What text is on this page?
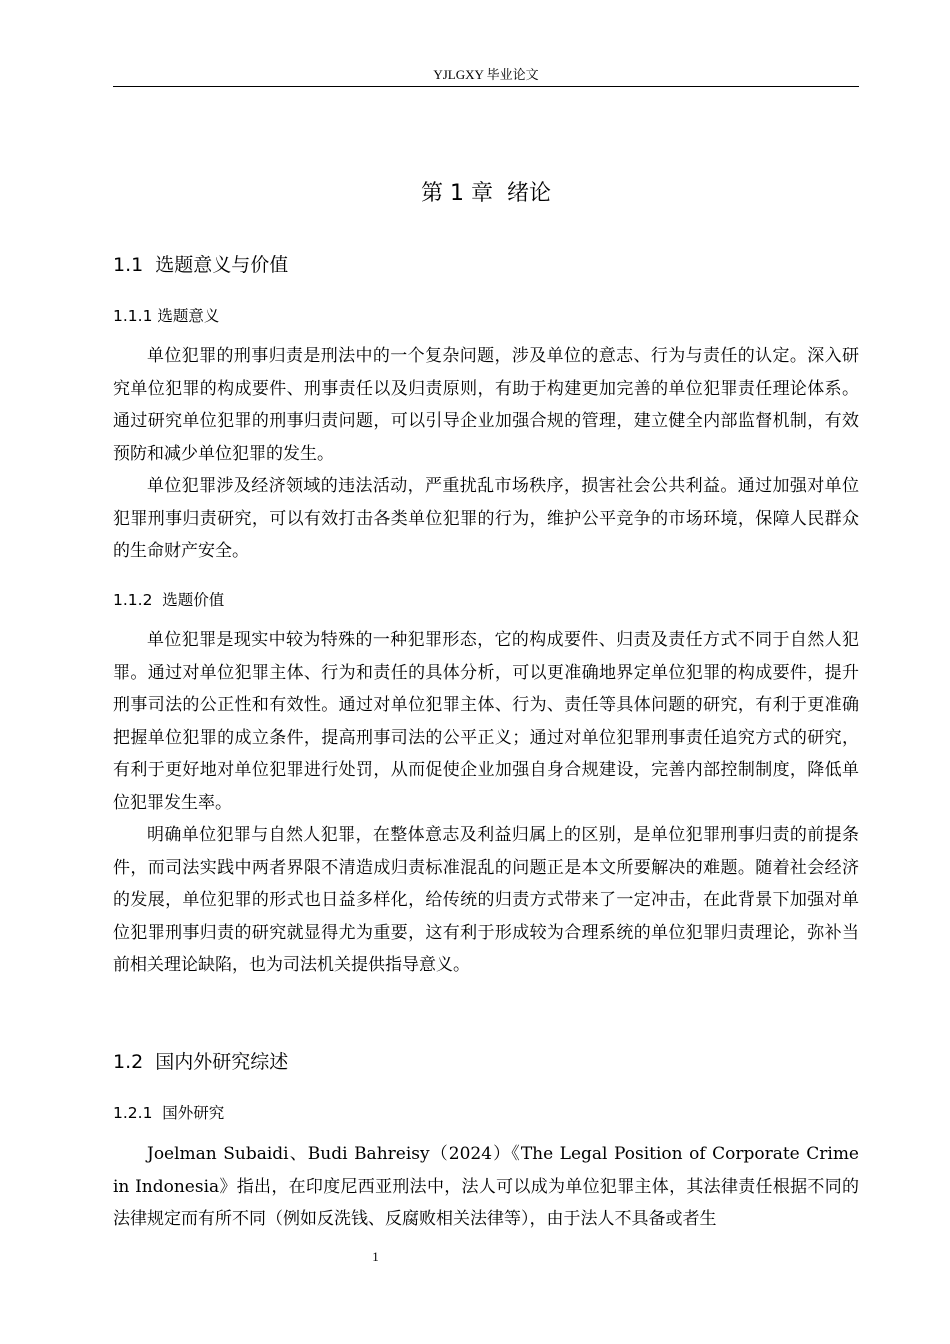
YJLGXY 毕业论文
第 1 章  绪论
1.1  选题意义与价值
1.1.1 选题意义

单位犯罪的刑事归责是刑法中的一个复杂问题，涉及单位的意志、行为与责任的认定。深入研究单位犯罪的构成要件、刑事责任以及归责原则，有助于构建更加完善的单位犯罪责任理论体系。通过研究单位犯罪的刑事归责问题，可以引导企业加强合规的管理，建立健全内部监督机制，有效预防和减少单位犯罪的发生。

单位犯罪涉及经济领域的违法活动，严重扰乱市场秩序，损害社会公共利益。通过加强对单位犯罪刑事归责研究，可以有效打击各类单位犯罪的行为，维护公平竞争的市场环境，保障人民群众的生命财产安全。

1.1.2  选题价值

单位犯罪是现实中较为特殊的一种犯罪形态，它的构成要件、归责及责任方式不同于自然人犯罪。通过对单位犯罪主体、行为和责任的具体分析，可以更准确地界定单位犯罪的构成要件，提升刑事司法的公正性和有效性。通过对单位犯罪主体、行为、责任等具体问题的研究，有利于更准确把握单位犯罪的成立条件，提高刑事司法的公平正义；通过对单位犯罪刑事责任追究方式的研究，有利于更好地对单位犯罪进行处罚，从而促使企业加强自身合规建设，完善内部控制制度，降低单位犯罪发生率。

明确单位犯罪与自然人犯罪，在整体意志及利益归属上的区别，是单位犯罪刑事归责的前提条件，而司法实践中两者界限不清造成归责标准混乱的问题正是本文所要解决的难题。随着社会经济的发展，单位犯罪的形式也日益多样化，给传统的归责方式带来了一定冲击，在此背景下加强对单位犯罪刑事归责的研究就显得尤为重要，这有利于形成较为合理系统的单位犯罪归责理论，弥补当前相关理论缺陷，也为司法机关提供指导意义。

1.2  国内外研究综述
1.2.1  国外研究

Joelman Subaidi、Budi Bahreisy（2024）《The Legal Position of Corporate Crime in Indonesia》指出，在印度尼西亚刑法中，法人可以成为单位犯罪主体，其法律责任根据不同的法律规定而有所不同（例如反洗钱、反腐败相关法律等），由于法人不具备或者生

1
